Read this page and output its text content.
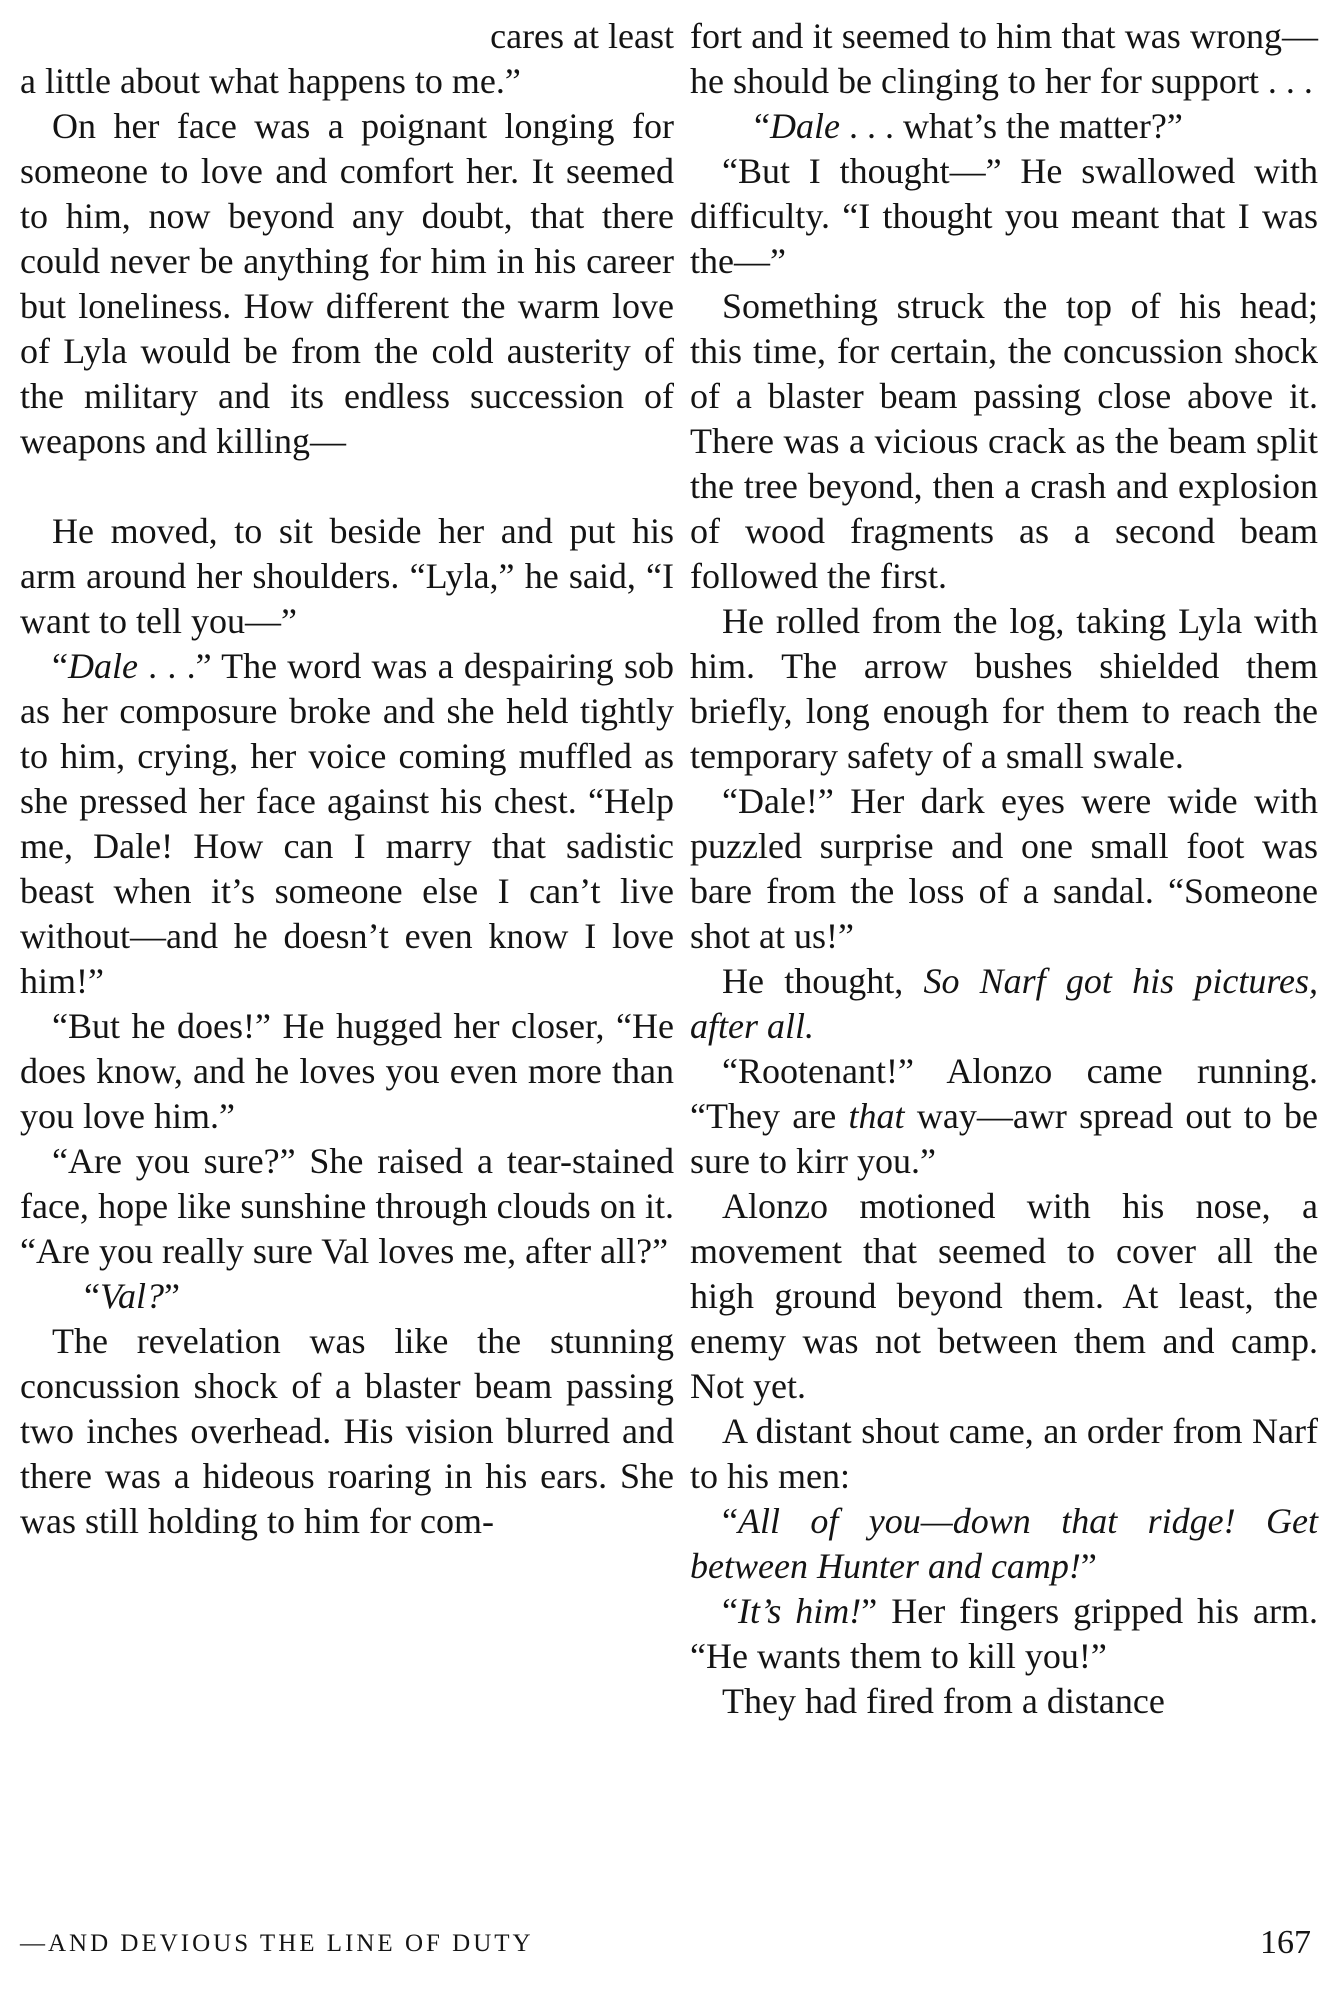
cares at least

a little about what happens to me.”

On her face was a poignant longing for someone to love and comfort her. It seemed to him, now beyond any doubt, that there could never be anything for him in his career but loneliness. How different the warm love of Lyla would be from the cold austerity of the military and its endless succession of weapons and killing—

He moved, to sit beside her and put his arm around her shoulders. “Lyla,” he said, “I want to tell you—”

“Dale . . .” The word was a despairing sob as her composure broke and she held tightly to him, crying, her voice coming muffled as she pressed her face against his chest. “Help me, Dale! How can I marry that sadistic beast when it’s someone else I can’t live without—and he doesn’t even know I love him!”

“But he does!” He hugged her closer, “He does know, and he loves you even more than you love him.”

“Are you sure?” She raised a tear-stained face, hope like sunshine through clouds on it. “Are you really sure Val loves me, after all?”

“Val?”

The revelation was like the stunning concussion shock of a blaster beam passing two inches overhead. His vision blurred and there was a hideous roaring in his ears. She was still holding to him for com-

fort and it seemed to him that was wrong—he should be clinging to her for support . . .

“Dale . . . what’s the matter?”

“But I thought—” He swallowed with difficulty. “I thought you meant that I was the—”

Something struck the top of his head; this time, for certain, the concussion shock of a blaster beam passing close above it. There was a vicious crack as the beam split the tree beyond, then a crash and explosion of wood fragments as a second beam followed the first.

He rolled from the log, taking Lyla with him. The arrow bushes shielded them briefly, long enough for them to reach the temporary safety of a small swale.

“Dale!” Her dark eyes were wide with puzzled surprise and one small foot was bare from the loss of a sandal. “Someone shot at us!”

He thought, So Narf got his pictures, after all.

“Rootenant!” Alonzo came running. “They are that way—awr spread out to be sure to kirr you.”

Alonzo motioned with his nose, a movement that seemed to cover all the high ground beyond them. At least, the enemy was not between them and camp. Not yet.

A distant shout came, an order from Narf to his men:

“All of you—down that ridge! Get between Hunter and camp!”

“It’s him!” Her fingers gripped his arm. “He wants them to kill you!”

They had fired from a distance

—AND DEVIOUS THE LINE OF DUTY	167
